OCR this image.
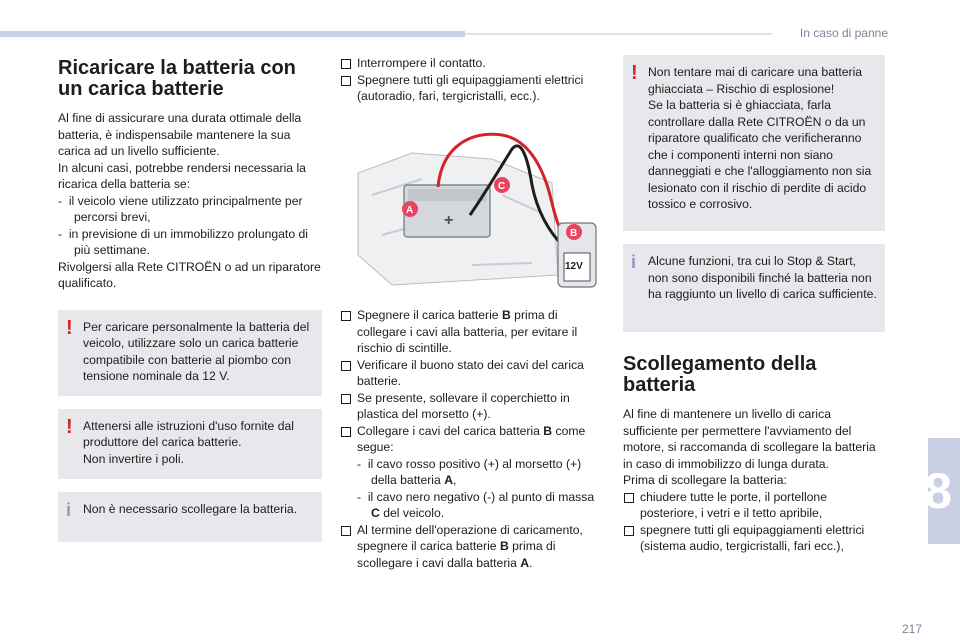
In caso di panne
8
Ricaricare la batteria con un carica batterie

Al fine di assicurare una durata ottimale della batteria, è indispensabile mantenere la sua carica ad un livello sufficiente.

In alcuni casi, potrebbe rendersi necessaria la ricarica della batteria se:

-  il veicolo viene utilizzato principalmente per percorsi brevi,

-  in previsione di un immobilizzo prolungato di più settimane.

Rivolgersi alla Rete CITROËN o ad un riparatore qualificato.

! Per caricare personalmente la batteria del veicolo, utilizzare solo un carica batterie compatibile con batterie al piombo con tensione nominale da 12 V.

! Attenersi alle istruzioni d'uso fornite dal produttore del carica batterie.

Non invertire i poli.

i Non è necessario scollegare la batteria.

Interrompere il contatto.

Spegnere tutti gli equipaggiamenti elettrici (autoradio, fari, tergicristalli, ecc.).

+
12V
C
A
B

Spegnere il carica batterie B prima di collegare i cavi alla batteria, per evitare il rischio di scintille.

Verificare il buono stato dei cavi del carica batterie.

Se presente, sollevare il coperchietto in plastica del morsetto (+).

Collegare i cavi del carica batteria B come segue:

-  il cavo rosso positivo (+) al morsetto (+) della batteria A,

-  il cavo nero negativo (-) al punto di massa C del veicolo.

Al termine dell'operazione di caricamento, spegnere il carica batterie B prima di scollegare i cavi dalla batteria A.

! Non tentare mai di caricare una batteria ghiacciata – Rischio di esplosione!

Se la batteria si è ghiacciata, farla controllare dalla Rete CITROËN o da un riparatore qualificato che verificheranno che i componenti interni non siano danneggiati e che l'alloggiamento non sia lesionato con il rischio di perdite di acido tossico e corrosivo.

i Alcune funzioni, tra cui lo Stop & Start, non sono disponibili finché la batteria non ha raggiunto un livello di carica sufficiente.

Scollegamento della batteria

Al fine di mantenere un livello di carica sufficiente per permettere l'avviamento del motore, si raccomanda di scollegare la batteria in caso di immobilizzo di lunga durata.

Prima di scollegare la batteria:

chiudere tutte le porte, il portellone posteriore, i vetri e il tetto apribile,

spegnere tutti gli equipaggiamenti elettrici (sistema audio, tergicristalli, fari ecc.),

217
